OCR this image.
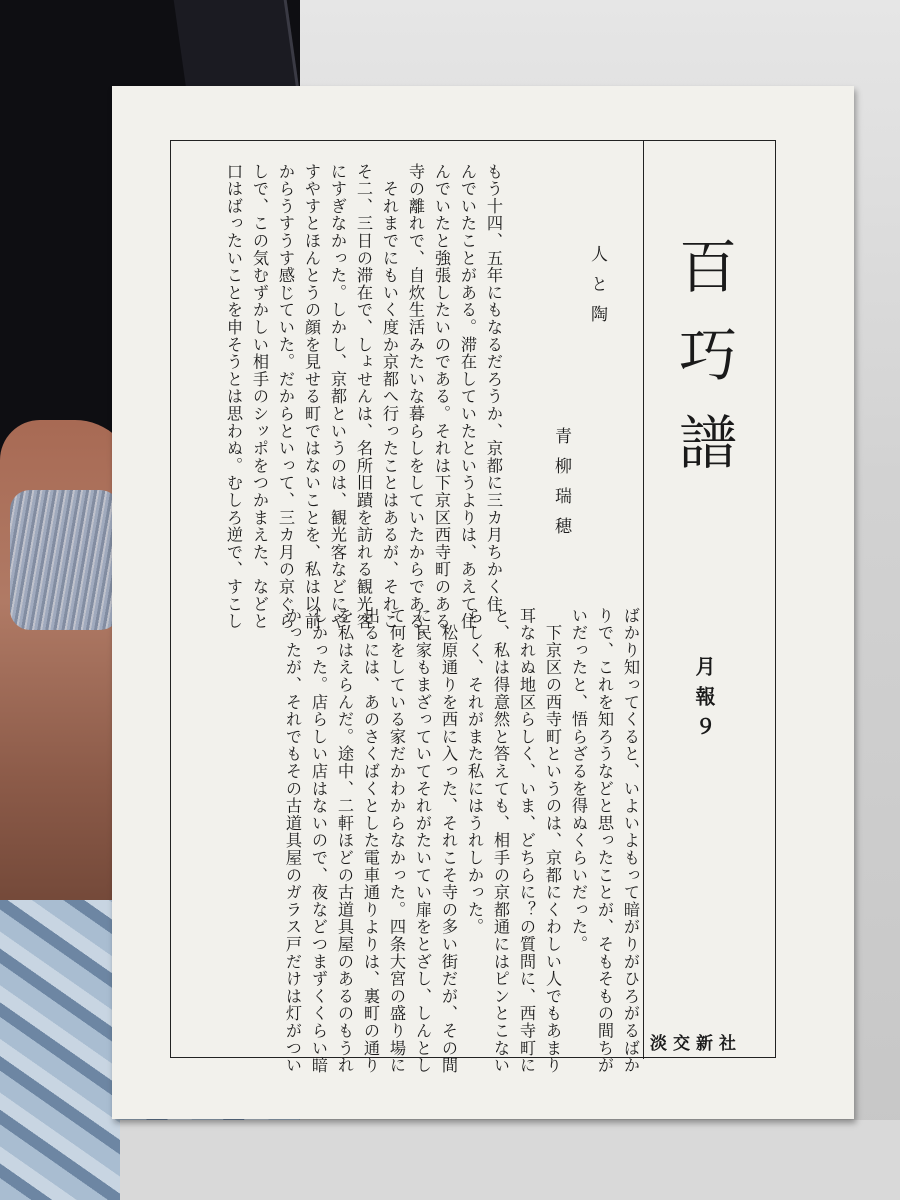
人と陶
青柳瑞穂
もう十四、五年にもなるだろうか、京都に三カ月ちかく住
んでいたことがある。滞在していたというよりは、あえて住
んでいたと強張したいのである。それは下京区西寺町のある
寺の離れで、自炊生活みたいな暮らしをしていたからである。
　それまでにもいく度か京都へ行ったことはあるが、それこ
そ二、三日の滞在で、しょせんは、名所旧蹟を訪れる観光客
にすぎなかった。しかし、京都というのは、観光客などにや
すやすとほんとうの顔を見せる町ではないことを、私は以前
からうすうす感じていた。だからといって、三カ月の京ぐら
しで、この気むずかしい相手のシッポをつかまえた、などと
口はばったいことを申そうとは思わぬ。むしろ逆で、すこし
ばかり知ってくると、いよいよもって暗がりがひろがるばか
りで、これを知ろうなどと思ったことが、そもそもの間ちが
いだったと、悟らざるを得ぬくらいだった。
　下京区の西寺町というのは、京都にくわしい人でもあまり
耳なれぬ地区らしく、いま、どちらに？の質問に、西寺町に
と、私は得意然と答えても、相手の京都通にはピンとこない
らしく、それがまた私にはうれしかった。
　松原通りを西に入った、それこそ寺の多い街だが、その間
に民家もまざっていてそれがたいてい扉をとざし、しんとし
て何をしている家だかわからなかった。四条大宮の盛り場に
出るには、あのさくばくとした電車通りよりは、裏町の通り
を私はえらんだ。途中、二軒ほどの古道具屋のあるのもうれ
しかった。店らしい店はないので、夜などつまずくくらい暗
かったが、それでもその古道具屋のガラス戸だけは灯がつい
百巧譜
月報９
淡交新社
